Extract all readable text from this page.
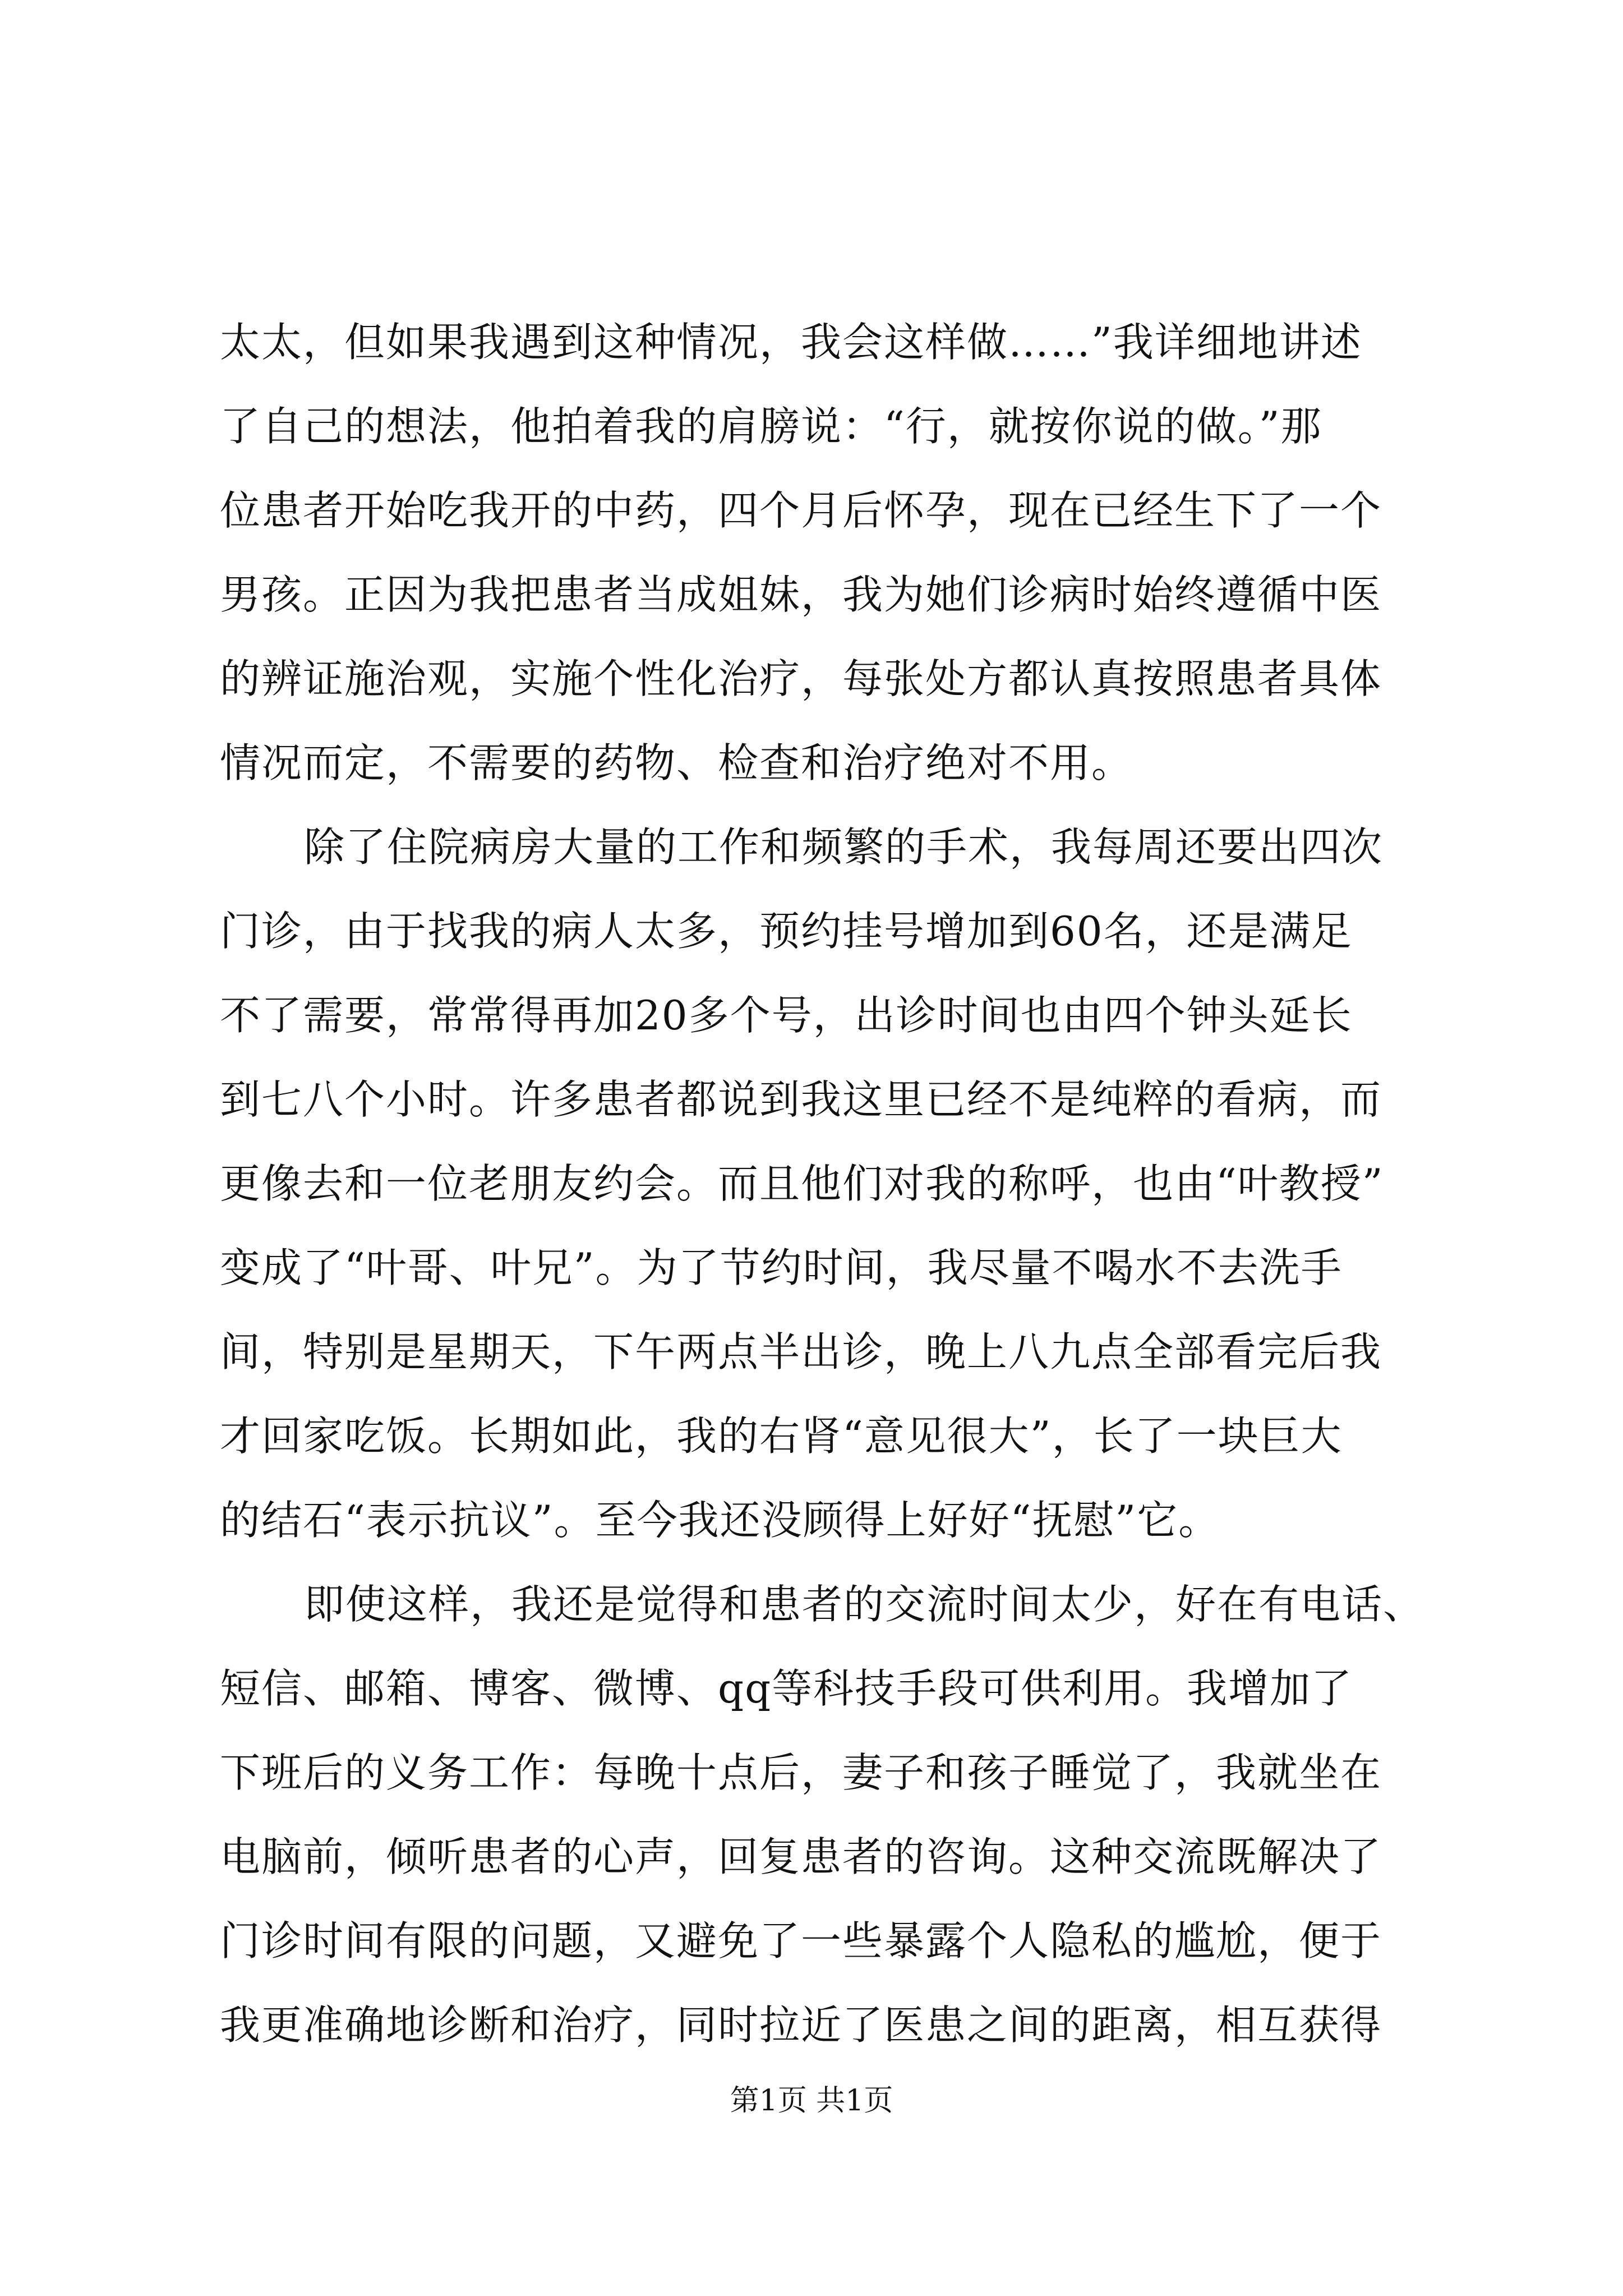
太太，但如果我遇到这种情况，我会这样做……”我详细地讲述
了自己的想法，他拍着我的肩膀说：“行，就按你说的做。”那
位患者开始吃我开的中药，四个月后怀孕，现在已经生下了一个
男孩。正因为我把患者当成姐妹，我为她们诊病时始终遵循中医
的辨证施治观，实施个性化治疗，每张处方都认真按照患者具体
情况而定，不需要的药物、检查和治疗绝对不用。
除了住院病房大量的工作和频繁的手术，我每周还要出四次
门诊，由于找我的病人太多，预约挂号增加到60名，还是满足
不了需要，常常得再加20多个号，出诊时间也由四个钟头延长
到七八个小时。许多患者都说到我这里已经不是纯粹的看病，而
更像去和一位老朋友约会。而且他们对我的称呼，也由“叶教授”
变成了“叶哥、叶兄”。为了节约时间，我尽量不喝水不去洗手
间，特别是星期天，下午两点半出诊，晚上八九点全部看完后我
才回家吃饭。长期如此，我的右肾“意见很大”，长了一块巨大
的结石“表示抗议”。至今我还没顾得上好好“抚慰”它。
即使这样，我还是觉得和患者的交流时间太少，好在有电话、
短信、邮箱、博客、微博、qq等科技手段可供利用。我增加了
下班后的义务工作：每晚十点后，妻子和孩子睡觉了，我就坐在
电脑前，倾听患者的心声，回复患者的咨询。这种交流既解决了
门诊时间有限的问题，又避免了一些暴露个人隐私的尴尬，便于
我更准确地诊断和治疗，同时拉近了医患之间的距离，相互获得
第1页 共1页
